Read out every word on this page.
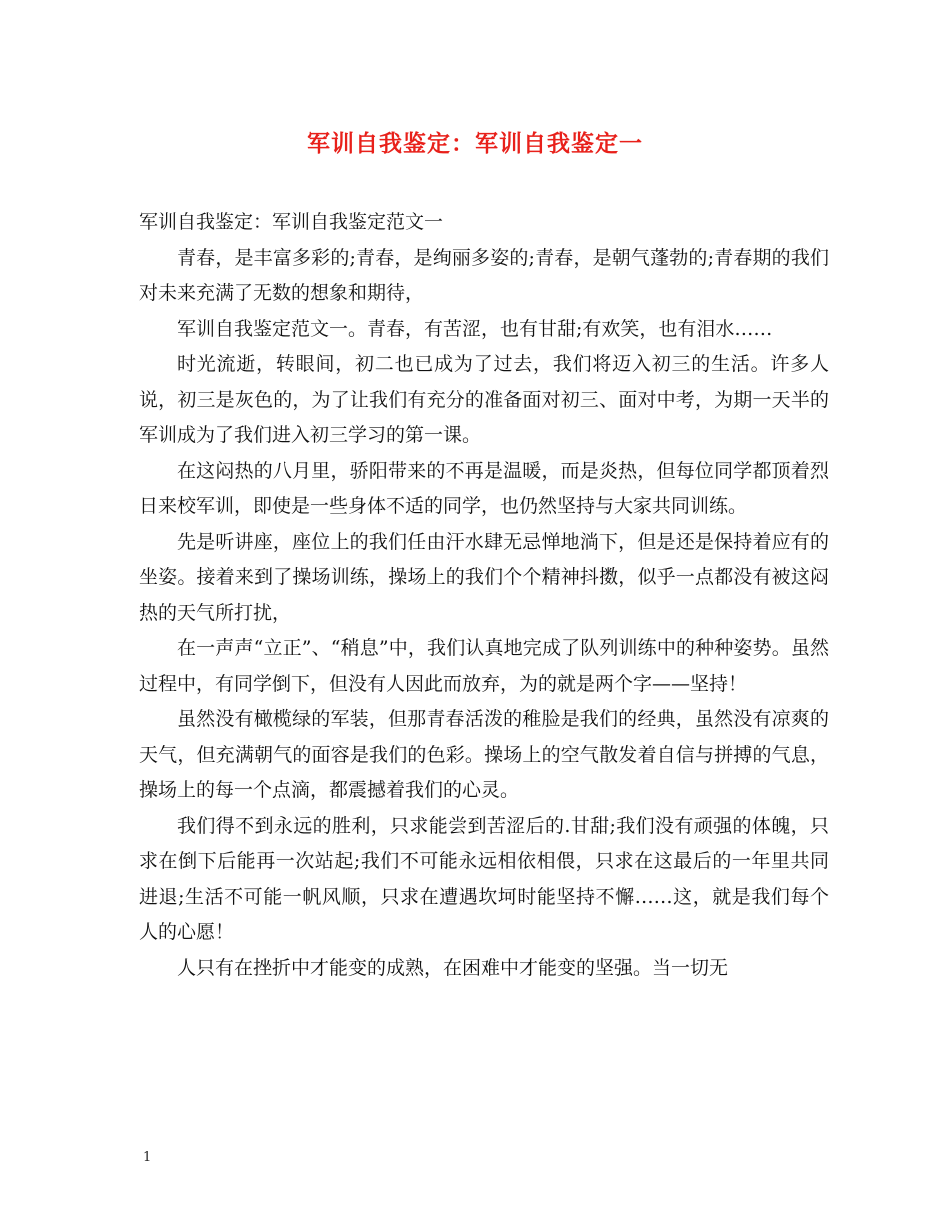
军训自我鉴定：军训自我鉴定一

军训自我鉴定：军训自我鉴定范文一

青春，是丰富多彩的;青春，是绚丽多姿的;青春，是朝气蓬勃的;青春期的我们对未来充满了无数的想象和期待，

军训自我鉴定范文一。青春，有苦涩，也有甘甜;有欢笑，也有泪水……

时光流逝，转眼间，初二也已成为了过去，我们将迈入初三的生活。许多人说，初三是灰色的，为了让我们有充分的准备面对初三、面对中考，为期一天半的军训成为了我们进入初三学习的第一课。

在这闷热的八月里，骄阳带来的不再是温暖，而是炎热，但每位同学都顶着烈日来校军训，即使是一些身体不适的同学，也仍然坚持与大家共同训练。

先是听讲座，座位上的我们任由汗水肆无忌惮地淌下，但是还是保持着应有的坐姿。接着来到了操场训练，操场上的我们个个精神抖擞，似乎一点都没有被这闷热的天气所打扰，

在一声声“立正”、“稍息”中，我们认真地完成了队列训练中的种种姿势。虽然过程中，有同学倒下，但没有人因此而放弃，为的就是两个字——坚持！

虽然没有橄榄绿的军装，但那青春活泼的稚脸是我们的经典，虽然没有凉爽的天气，但充满朝气的面容是我们的色彩。操场上的空气散发着自信与拼搏的气息，操场上的每一个点滴，都震撼着我们的心灵。

我们得不到永远的胜利，只求能尝到苦涩后的.甘甜;我们没有顽强的体魄，只求在倒下后能再一次站起;我们不可能永远相依相偎，只求在这最后的一年里共同进退;生活不可能一帆风顺，只求在遭遇坎坷时能坚持不懈……这，就是我们每个人的心愿！

人只有在挫折中才能变的成熟，在困难中才能变的坚强。当一切无

1
